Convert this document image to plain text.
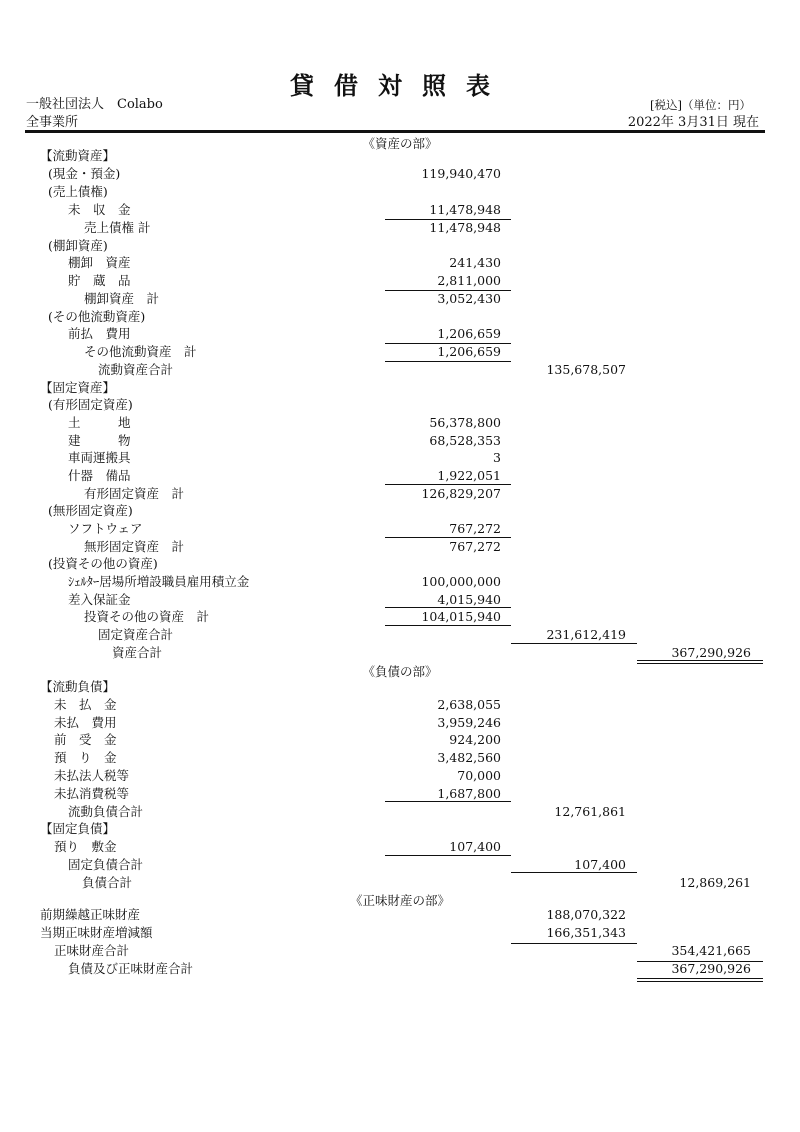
貸借対照表
一般社団法人　Colabo
全事業所
[税込]（単位：円）
2022年 3月31日 現在
《資産の部》
《負債の部》
《正味財産の部》
【流動資産】
(現金・預金)	119,940,470
(売上債権)
未　収　金	11,478,948
売上債権 計	11,478,948
(棚卸資産)
棚卸　資産	241,430
貯　蔵　品	2,811,000
棚卸資産　計	3,052,430
(その他流動資産)
前払　費用	1,206,659
その他流動資産　計	1,206,659
流動資産合計	135,678,507
【固定資産】
(有形固定資産)
土　　　地	56,378,800
建　　　物	68,528,353
車両運搬具	3
什器　備品	1,922,051
有形固定資産　計	126,829,207
(無形固定資産)
ソフトウェア	767,272
無形固定資産　計	767,272
(投資その他の資産)
ｼｪﾙﾀｰ居場所増設職員雇用積立金	100,000,000
差入保証金	4,015,940
投資その他の資産　計	104,015,940
固定資産合計	231,612,419
資産合計	367,290,926
【流動負債】
未　払　金	2,638,055
未払　費用	3,959,246
前　受　金	924,200
預　り　金	3,482,560
未払法人税等	70,000
未払消費税等	1,687,800
流動負債合計	12,761,861
【固定負債】
預り　敷金	107,400
固定負債合計	107,400
負債合計	12,869,261
前期繰越正味財産	188,070,322
当期正味財産増減額	166,351,343
正味財産合計	354,421,665
負債及び正味財産合計	367,290,926
